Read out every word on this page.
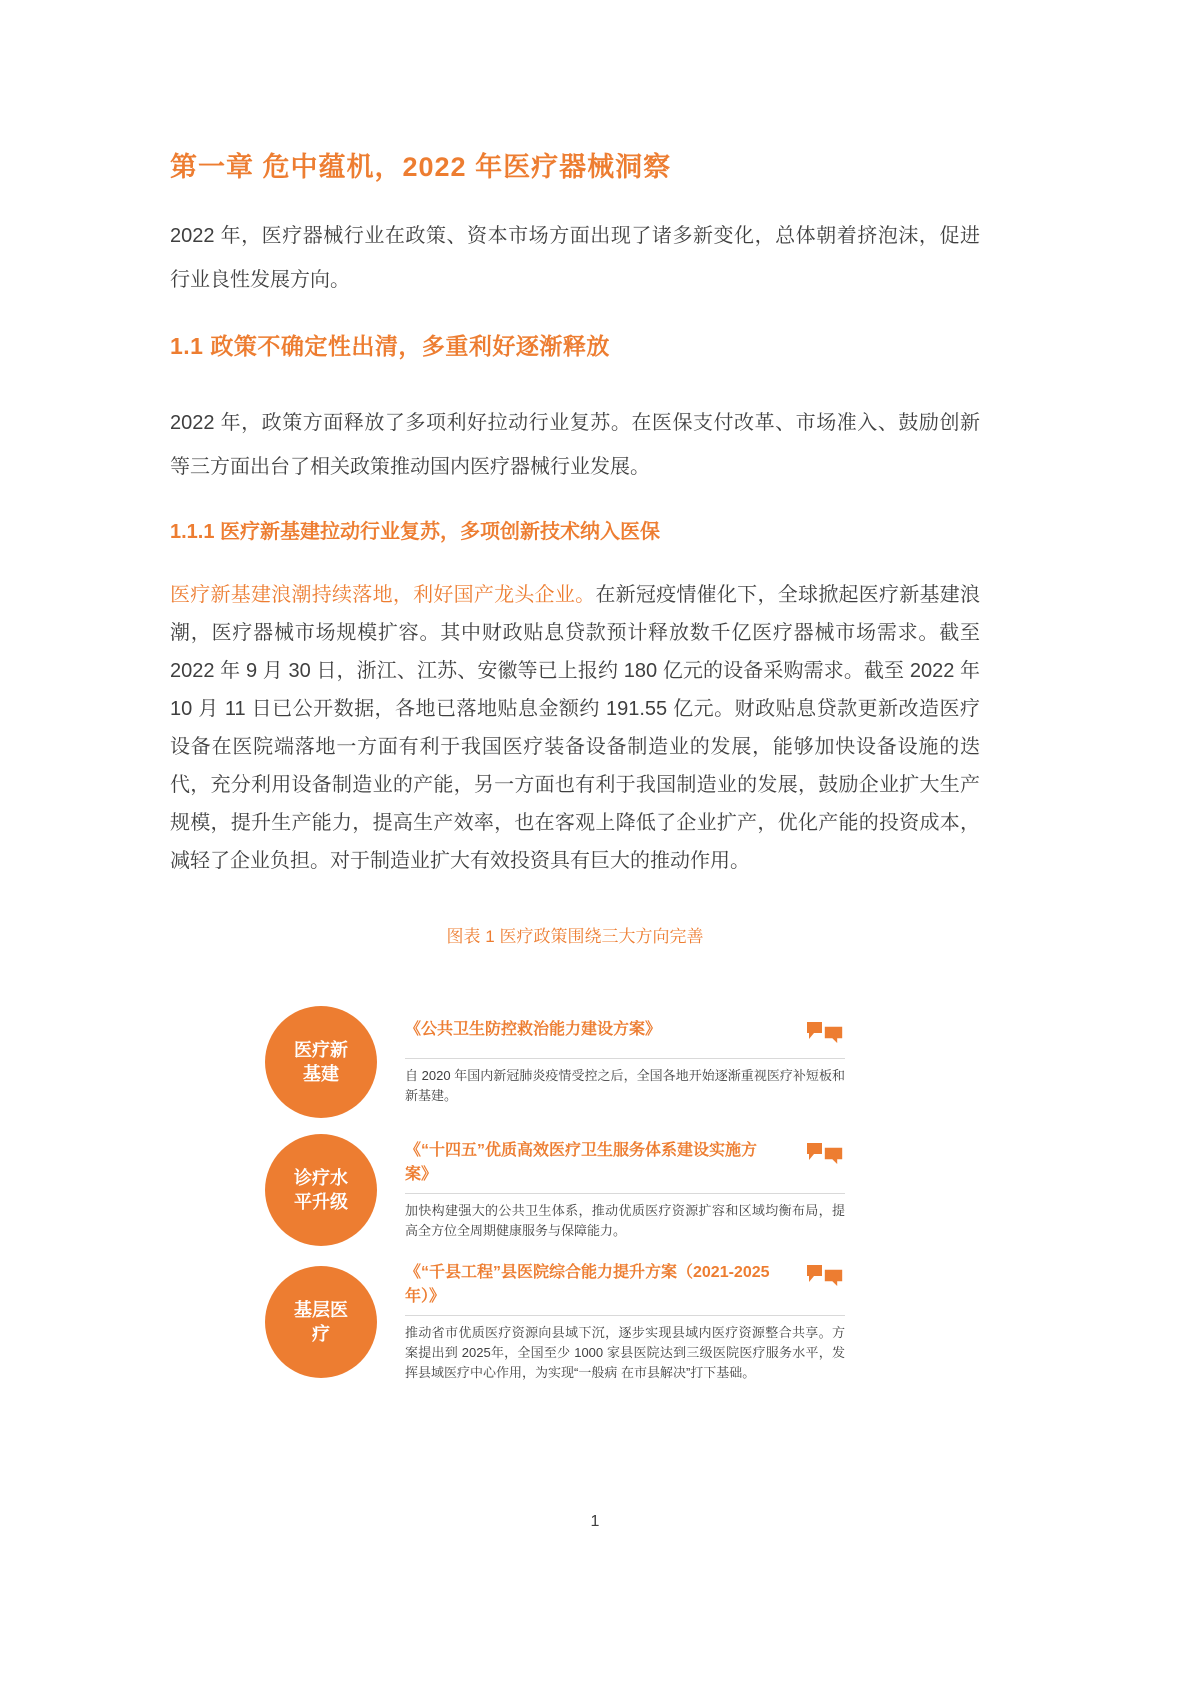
第一章 危中蕴机，2022 年医疗器械洞察

2022 年，医疗器械行业在政策、资本市场方面出现了诸多新变化，总体朝着挤泡沫，促进行业良性发展方向。

1.1 政策不确定性出清，多重利好逐渐释放

2022 年，政策方面释放了多项利好拉动行业复苏。在医保支付改革、市场准入、鼓励创新等三方面出台了相关政策推动国内医疗器械行业发展。

1.1.1 医疗新基建拉动行业复苏，多项创新技术纳入医保

医疗新基建浪潮持续落地，利好国产龙头企业。在新冠疫情催化下，全球掀起医疗新基建浪潮，医疗器械市场规模扩容。其中财政贴息贷款预计释放数千亿医疗器械市场需求。截至 2022 年 9 月 30 日，浙江、江苏、安徽等已上报约 180 亿元的设备采购需求。截至 2022 年 10 月 11 日已公开数据，各地已落地贴息金额约 191.55 亿元。财政贴息贷款更新改造医疗设备在医院端落地一方面有利于我国医疗装备设备制造业的发展，能够加快设备设施的迭代，充分利用设备制造业的产能，另一方面也有利于我国制造业的发展，鼓励企业扩大生产规模，提升生产能力，提高生产效率，也在客观上降低了企业扩产，优化产能的投资成本，减轻了企业负担。对于制造业扩大有效投资具有巨大的推动作用。

图表 1 医疗政策围绕三大方向完善
医疗新基建
《公共卫生防控救治能力建设方案》
自 2020 年国内新冠肺炎疫情受控之后，全国各地开始逐渐重视医疗补短板和新基建。
诊疗水平升级
《“十四五”优质高效医疗卫生服务体系建设实施方案》
加快构建强大的公共卫生体系，推动优质医疗资源扩容和区域均衡布局，提高全方位全周期健康服务与保障能力。
基层医疗
《“千县工程”县医院综合能力提升方案（2021-2025年）》
推动省市优质医疗资源向县域下沉，逐步实现县域内医疗资源整合共享。方案提出到 2025年，全国至少 1000 家县医院达到三级医院医疗服务水平，发挥县域医疗中心作用，为实现“一般病 在市县解决”打下基础。
1
